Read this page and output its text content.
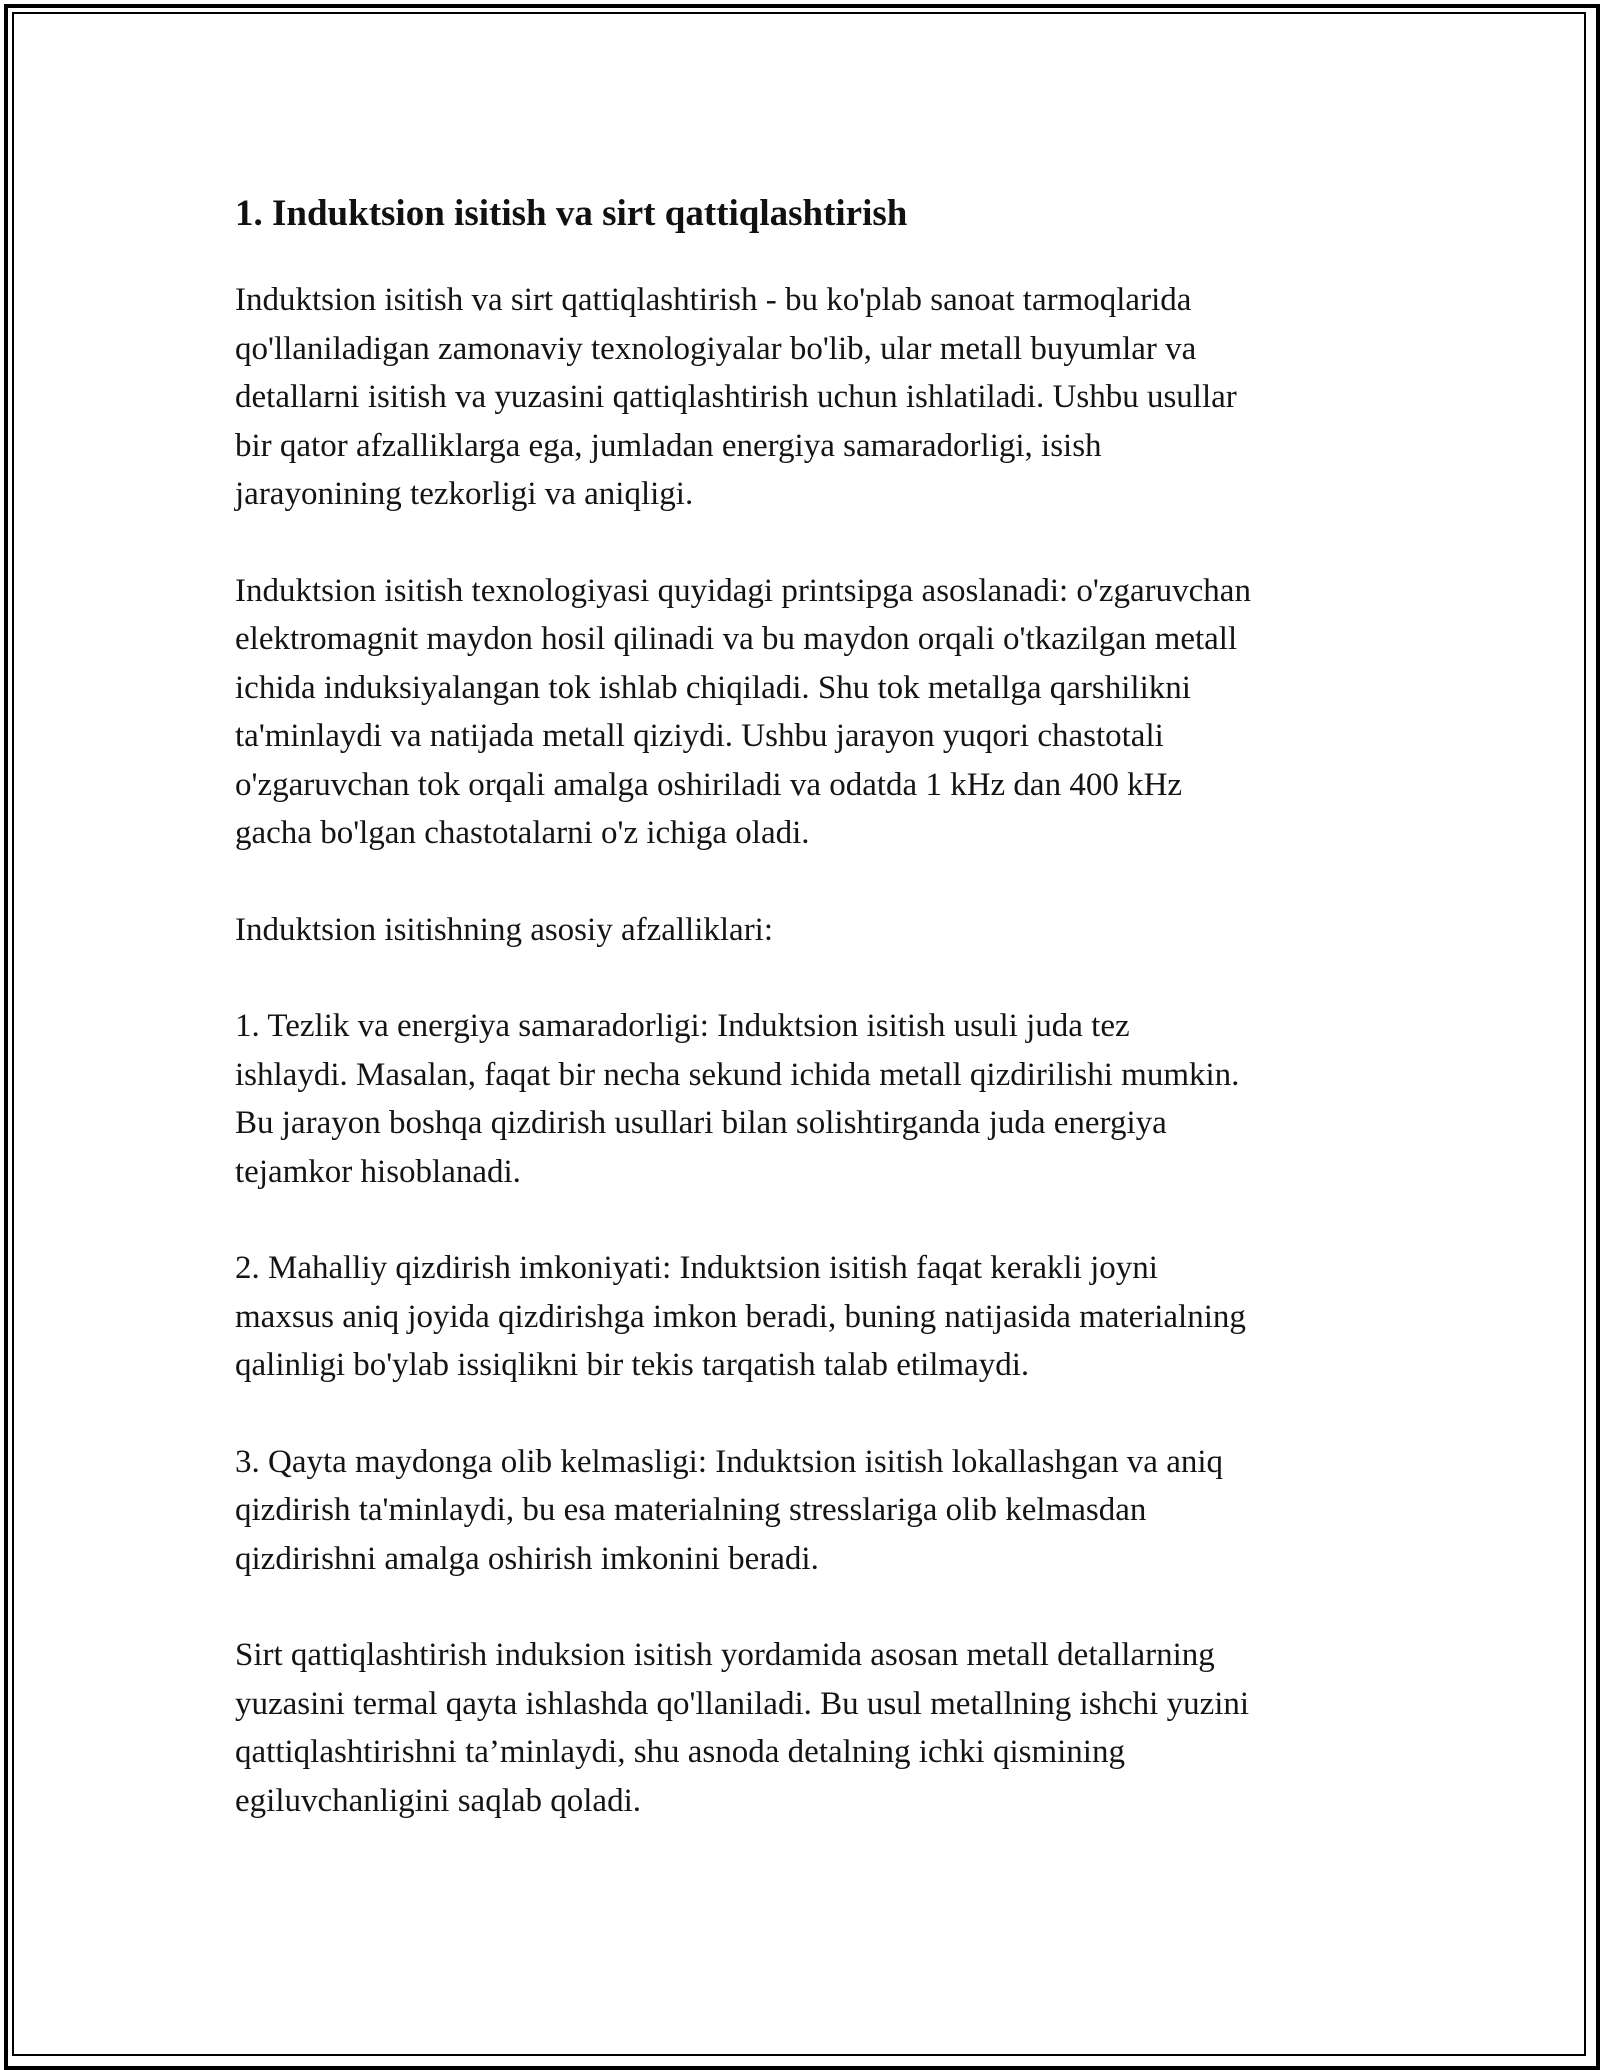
1. Induktsion isitish va sirt qattiqlashtirish

Induktsion isitish va sirt qattiqlashtirish - bu ko'plab sanoat tarmoqlarida
qo'llaniladigan zamonaviy texnologiyalar bo'lib, ular metall buyumlar va
detallarni isitish va yuzasini qattiqlashtirish uchun ishlatiladi. Ushbu usullar
bir qator afzalliklarga ega, jumladan energiya samaradorligi, isish
jarayonining tezkorligi va aniqligi.

Induktsion isitish texnologiyasi quyidagi printsipga asoslanadi: o'zgaruvchan
elektromagnit maydon hosil qilinadi va bu maydon orqali o'tkazilgan metall
ichida induksiyalangan tok ishlab chiqiladi. Shu tok metallga qarshilikni
ta'minlaydi va natijada metall qiziydi. Ushbu jarayon yuqori chastotali
o'zgaruvchan tok orqali amalga oshiriladi va odatda 1 kHz dan 400 kHz
gacha bo'lgan chastotalarni o'z ichiga oladi.

Induktsion isitishning asosiy afzalliklari:

1. Tezlik va energiya samaradorligi: Induktsion isitish usuli juda tez
ishlaydi. Masalan, faqat bir necha sekund ichida metall qizdirilishi mumkin.
Bu jarayon boshqa qizdirish usullari bilan solishtirganda juda energiya
tejamkor hisoblanadi.

2. Mahalliy qizdirish imkoniyati: Induktsion isitish faqat kerakli joyni
maxsus aniq joyida qizdirishga imkon beradi, buning natijasida materialning
qalinligi bo'ylab issiqlikni bir tekis tarqatish talab etilmaydi.

3. Qayta maydonga olib kelmasligi: Induktsion isitish lokallashgan va aniq
qizdirish ta'minlaydi, bu esa materialning stresslariga olib kelmasdan
qizdirishni amalga oshirish imkonini beradi.

Sirt qattiqlashtirish induksion isitish yordamida asosan metall detallarning
yuzasini termal qayta ishlashda qo'llaniladi. Bu usul metallning ishchi yuzini
qattiqlashtirishni ta’minlaydi, shu asnoda detalning ichki qismining
egiluvchanligini saqlab qoladi.
